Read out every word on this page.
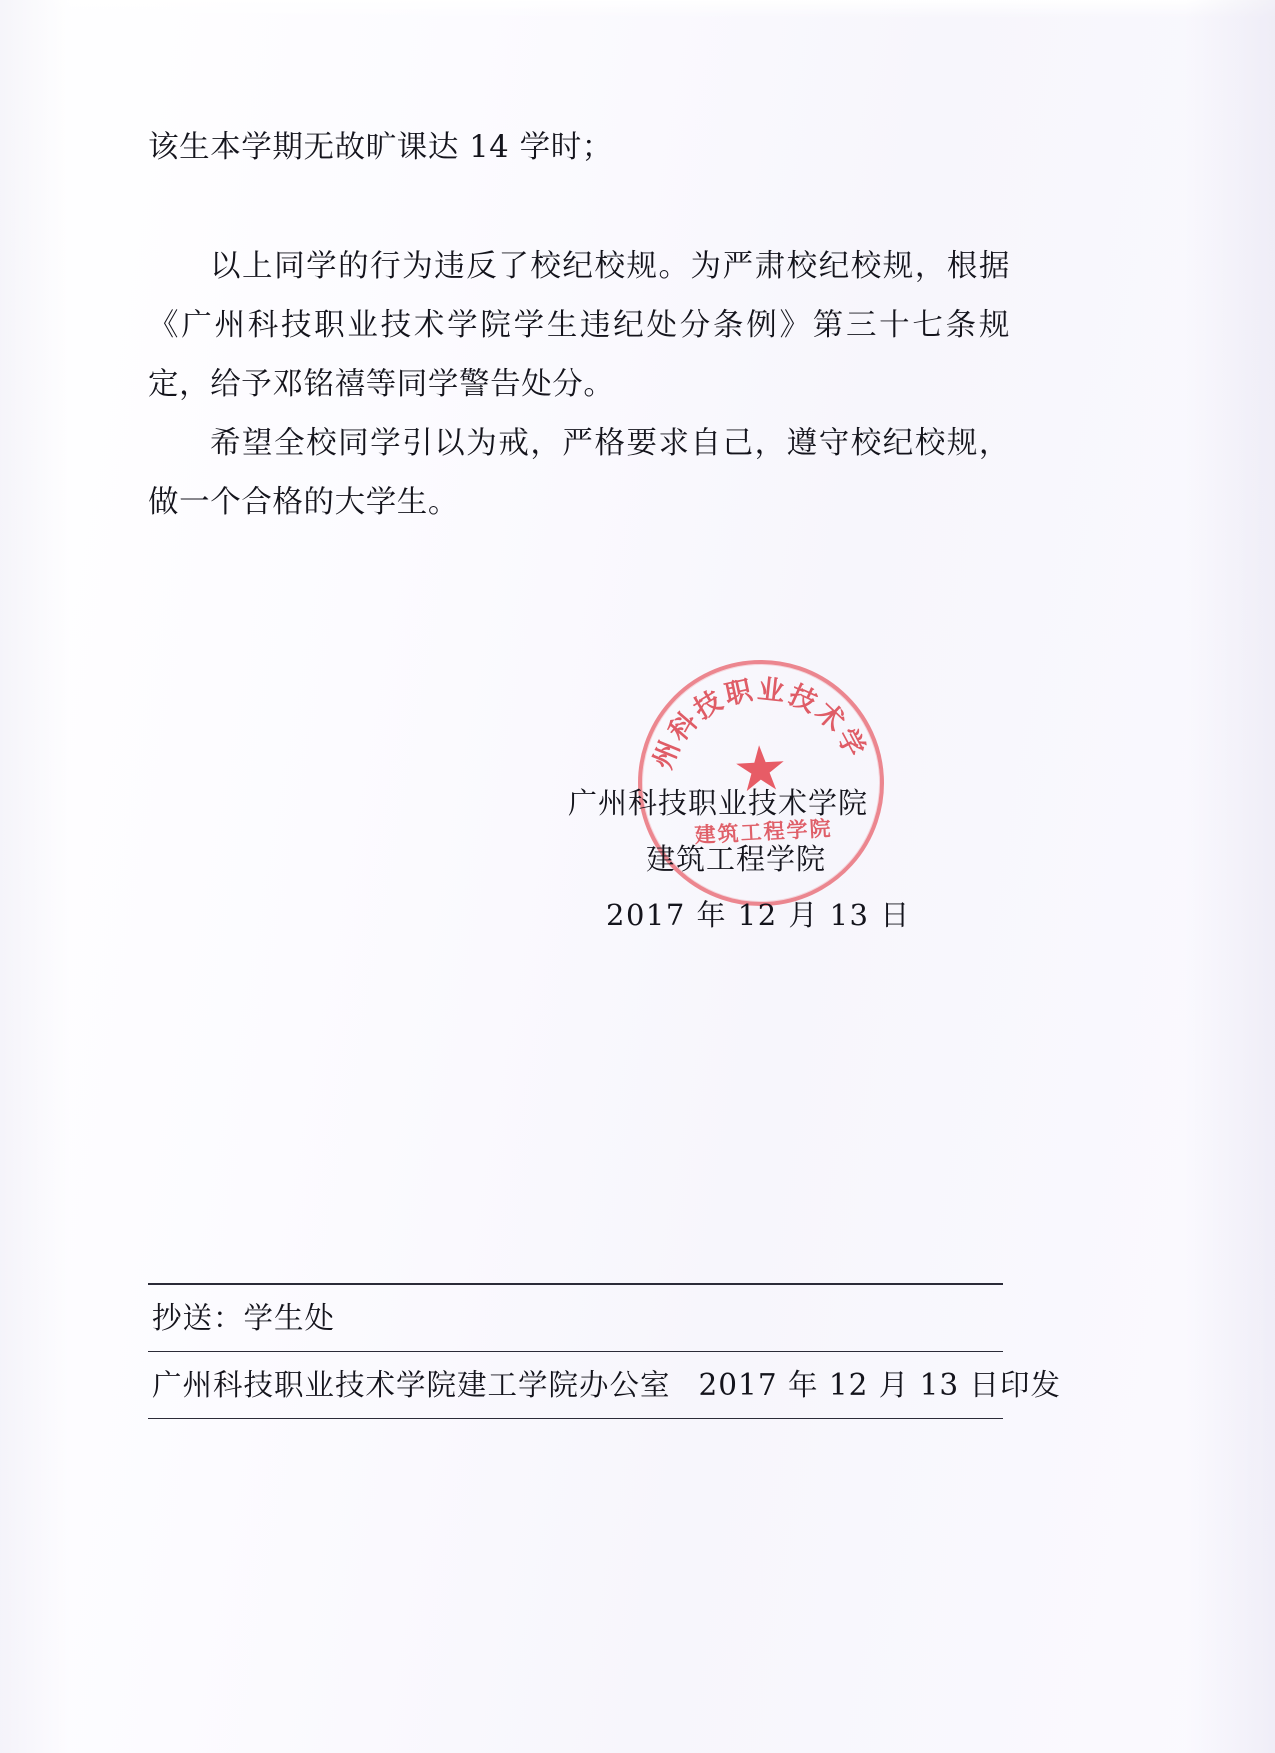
该生本学期无故旷课达 14 学时；

以上同学的行为违反了校纪校规。为严肃校纪校规，根据《广州科技职业技术学院学生违纪处分条例》第三十七条规定，给予邓铭禧等同学警告处分。

希望全校同学引以为戒，严格要求自己，遵守校纪校规，做一个合格的大学生。

州科技职业技术学
★
建筑工程学院
广州科技职业技术学院
建筑工程学院
2017 年 12 月 13 日
抄送：学生处
广州科技职业技术学院建工学院办公室 2017 年 12 月 13 日印发
